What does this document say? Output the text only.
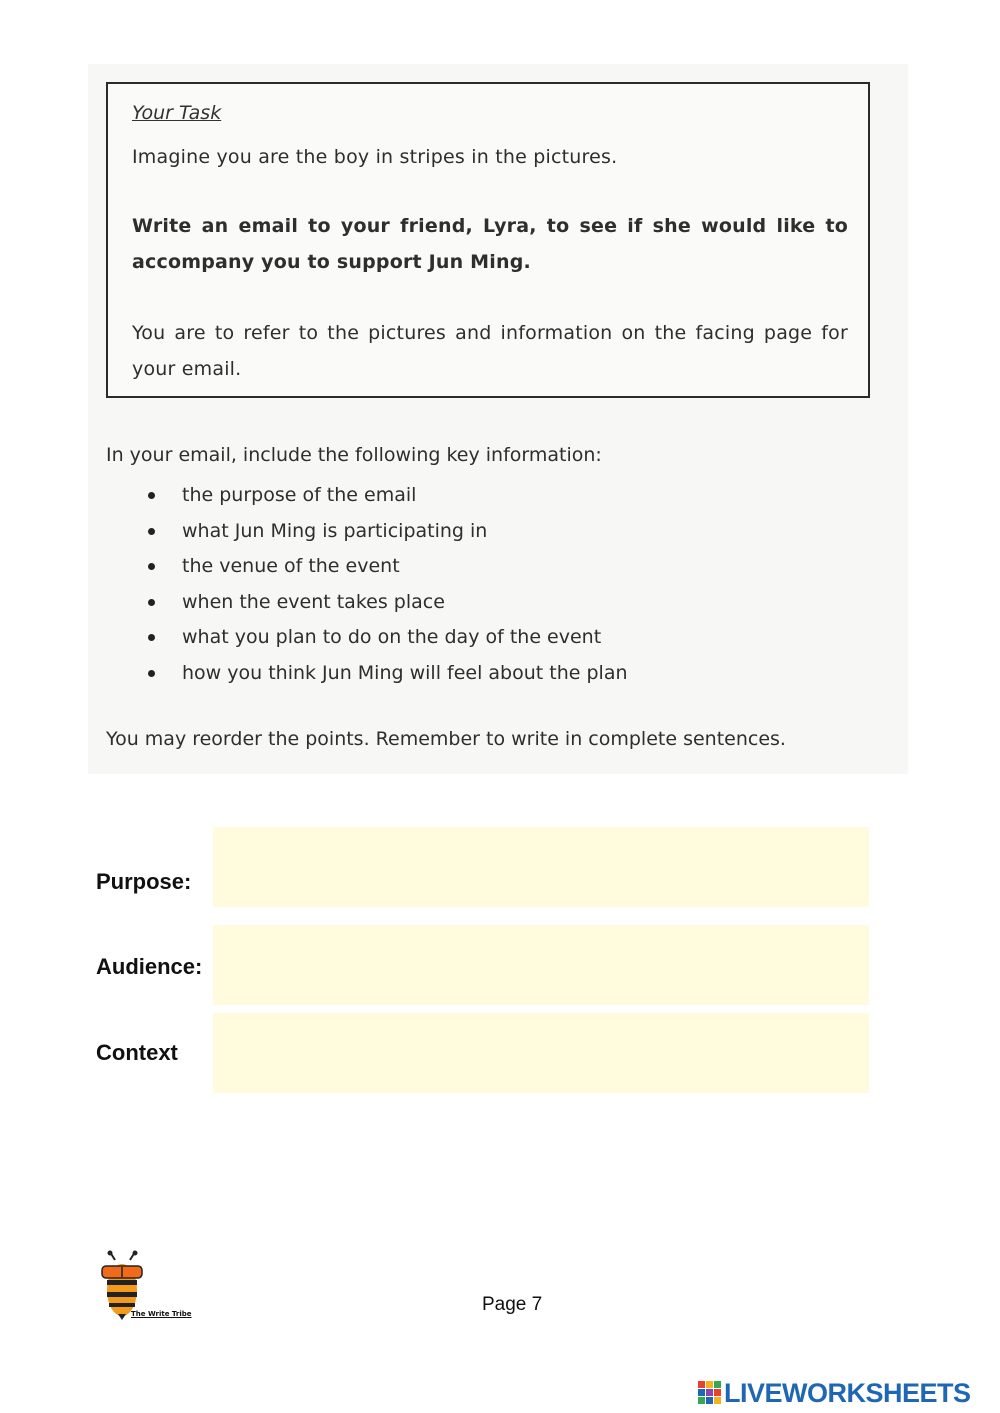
Your Task
Imagine you are the boy in stripes in the pictures.
Write an email to your friend, Lyra, to see if she would like to accompany you to support Jun Ming.
You are to refer to the pictures and information on the facing page for your email.
In your email, include the following key information:
the purpose of the email
what Jun Ming is participating in
the venue of the event
when the event takes place
what you plan to do on the day of the event
how you think Jun Ming will feel about the plan
You may reorder the points. Remember to write in complete sentences.
Purpose:
Audience:
Context
The Write Tribe	Page 7
LIVEWORKSHEETS
